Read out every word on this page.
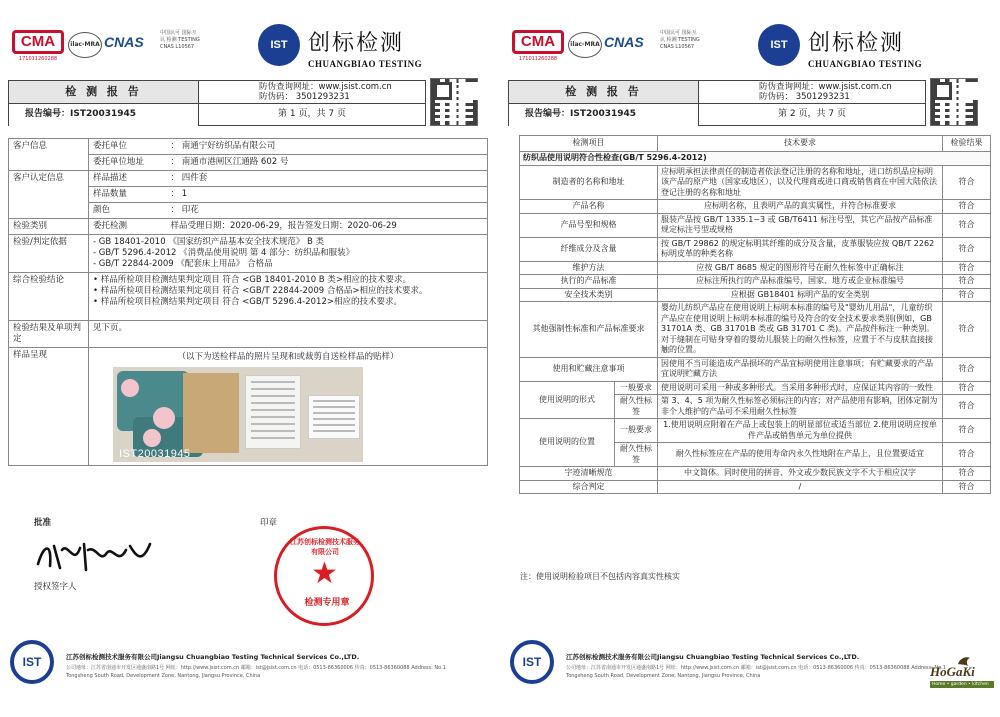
CMA
171011260288
ilac-MRA CNAS
中国认可 国际互认 检测 TESTING CNAS L10567	IST 创标检测
CHUANGBIAO TESTING
检 测 报 告	防伪查询网址：www.jsist.com.cn
防伪码： 3501293231
报告编号：IST20031945	第 1 页，共 7 页
客户信息	委托单位	： 南通宁好纺织品有限公司
	委托单位地址	： 南通市港闸区江通路 602 号
客户认定信息	样品描述	： 四件套
	样品数量	： 1
	颜色	： 印花
检验类别	委托检测	样品受理日期：2020-06-29，报告签发日期：2020-06-29
检验/判定依据	- GB 18401-2010 《国家纺织产品基本安全技术规范》 B 类
- GB/T 5296.4-2012 《消费品使用说明 第 4 部分：纺织品和服装》
- GB/T 22844-2009 《配套床上用品》 合格品	

综合检验结论	• 样品所检项目检测结果判定项目 符合 <GB 18401-2010 B 类>相应的技术要求。
• 样品所检项目检测结果判定项目 符合 <GB/T 22844-2009 合格品>相应的技术要求。
• 样品所检项目检测结果判定项目 符合 <GB/T 5296.4-2012>相应的技术要求。	

检验结果及单项判定	见下页。	
样品呈现	（以下为送检样品的照片呈现和或裁剪自送检样品的贴样）
IST20031945	
批准
授权签字人
印章
江苏创标检测技术服务有限公司
★
检测专用章
IST	江苏创标检测技术服务有限公司Jiangsu Chuangbiao Testing Technical Services Co.,LTD.
公司地址：江苏省南通市开发区通盛南路1号 网址：http://www.jsist.com.cn 邮箱：ist@jsist.com.cn 电话：0513-86360006 传真：0513-86360088 Address: No.1 Tongsheng South Road, Development Zone, Nantong, Jiangsu Province, China
CMA
171011260288
ilac-MRA CNAS
中国认可 国际互认 检测 TESTING CNAS L10567	IST 创标检测
CHUANGBIAO TESTING
检 测 报 告	防伪查询网址：www.jsist.com.cn
防伪码： 3501293231
报告编号：IST20031945	第 2 页，共 7 页
IST	江苏创标检测技术服务有限公司Jiangsu Chuangbiao Testing Technical Services Co.,LTD.
公司地址：江苏省南通市开发区通盛南路1号 网址：http://www.jsist.com.cn 邮箱：ist@jsist.com.cn 电话：0513-86360006 传真：0513-86360088 Address: No.1 Tongsheng South Road, Development Zone, Nantong, Jiangsu Province, China
检测项目		技术要求	检验结果
纺织品使用说明符合性检查(GB/T 5296.4-2012)			
制造者的名称和地址		应标明承担法律责任的制造者依法登记注册的名称和地址，进口纺织品应标明该产品的原产地（国家或地区），以及代理商或进口商或销售商在中国大陆依法登记注册的名称和地址	符合
产品名称		应标明名称，且表明产品的真实属性，并符合标准要求	符合
产品号型和规格		服装产品按 GB/T 1335.1~3 或 GB/T6411 标注号型，其它产品按产品标准规定标注号型或规格	符合
纤维成分及含量		按 GB/T 29862 的规定标明其纤维的成分及含量，皮革服装应按 QB/T 2262 标明皮革的种类名称	符合
维护方法		应按 GB/T 8685 规定的图形符号在耐久性标签中正确标注	符合
执行的产品标准		应标注所执行的产品标准编号，国家、地方或企业标准编号	符合
安全技术类别		应根据 GB18401 标明产品的安全类别	符合
其他强制性标准和产品标准要求		婴幼儿纺织产品应在使用说明上标明本标准的编号及"婴幼儿用品"，儿童纺织产品应在使用说明上标明本标准的编号及符合的安全技术要求类别(例如，GB 31701A 类、GB 31701B 类或 GB 31701 C 类)。产品按件标注一种类别。对于缝制在可贴身穿着的婴幼儿服装上的耐久性标签，应置于不与皮肤直接接触的位置。	符合
使用和贮藏注意事项		因使用不当可能造成产品损坏的产品宜标明使用注意事项；有贮藏要求的产品宜说明贮藏方法	符合
使用说明的形式	一般要求	使用说明可采用一种或多种形式。当采用多种形式时，应保证其内容的一致性	符合
	耐久性标签	第 3、4、5 项为耐久性标签必须标注的内容；对产品使用有影响，团体定制为非个人维护的产品可不采用耐久性标签	符合
使用说明的位置	一般要求	1.使用说明应附着在产品上或包装上的明显部位或适当部位 2.使用说明应按单件产品或销售单元为单位提供	符合
	耐久性标签	耐久性标签应在产品的使用寿命内永久性地附在产品上，且位置要适宜	符合
字迹清晰规范		中文简体。同时使用的拼音、外文或少数民族文字不大于相应汉字	符合
综合判定		/	符合
注：使用说明检验项目不包括内容真实性核实
HoGaKi
Home • garden • kitchen
